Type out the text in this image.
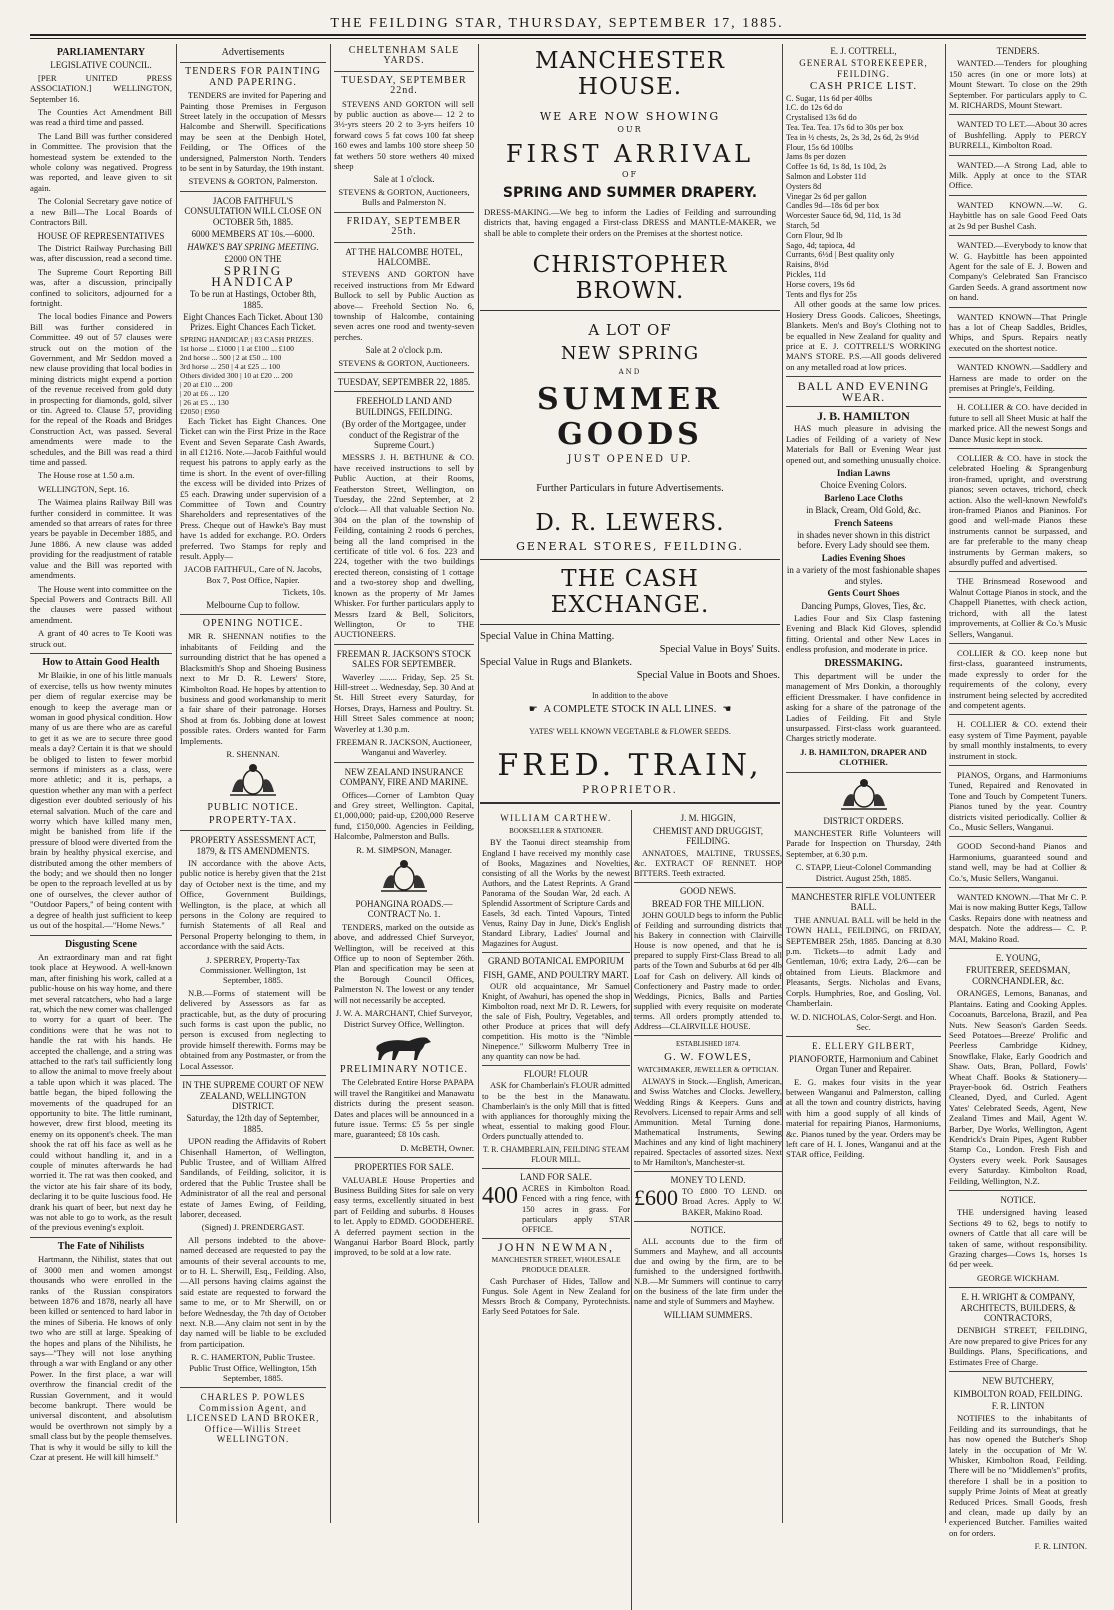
THE FEILDING STAR, THURSDAY, SEPTEMBER 17, 1885.
PARLIAMENTARY
LEGISLATIVE COUNCIL.

[PER UNITED PRESS ASSOCIATION.] WELLINGTON, September 16.

The Counties Act Amendment Bill was read a third time and passed.

The Land Bill was further considered in Committee. The provision that the homestead system be extended to the whole colony was negatived. Progress was reported, and leave given to sit again.

The Colonial Secretary gave notice of a new Bill—The Local Boards of Contractors Bill.

HOUSE OF REPRESENTATIVES

The District Railway Purchasing Bill was, after discussion, read a second time.

The Supreme Court Reporting Bill was, after a discussion, principally confined to solicitors, adjourned for a fortnight.

The local bodies Finance and Powers Bill was further considered in Committee. 49 out of 57 clauses were struck out on the motion of the Government, and Mr Seddon moved a new clause providing that local bodies in mining districts might expend a portion of the revenue received from gold duty in prospecting for diamonds, gold, silver or tin. Agreed to. Clause 57, providing for the repeal of the Roads and Bridges Construction Act, was passed. Several amendments were made to the schedules, and the Bill was read a third time and passed.

The House rose at 1.50 a.m.

WELLINGTON, Sept. 16.

The Waimea plains Railway Bill was further considerd in committee. It was amended so that arrears of rates for three years be payable in December 1885, and June 1886. A new clause was added providing for the readjustment of ratable value and the Bill was reported with amendments.

The House went into committee on the Special Powers and Contracts Bill. All the clauses were passed without amendment.

A grant of 40 acres to Te Kooti was struck out.

How to Attain Good Health

Mr Blaikie, in one of his little manuals of exercise, tells us how twenty minutes per diem of regular exercise may be enough to keep the average man or woman in good physical condition. How many of us are there who are as careful to get it as we are to secure three good meals a day? Certain it is that we should be obliged to listen to fewer morbid sermons if ministers as a class, were more athletic; and it is, perhaps, a question whether any man with a perfect digestion ever doubted seriously of his eternal salvation. Much of the care and worry which have killed many men, might be banished from life if the pressure of blood were diverted from the brain by healthy physical exercise, and distributed among the other members of the body; and we should then no longer be open to the reproach levelled at us by one of ourselves, the clever author of "Outdoor Papers," of being content with a degree of health just sufficient to keep us out of the hospital.—"Home News."

Disgusting Scene

An extraordinary man and rat fight took place at Heywood. A well-known man, after finishing his work, called at a public-house on his way home, and there met several ratcatchers, who had a large rat, which the new comer was challenged to worry for a quart of beer. The conditions were that he was not to handle the rat with his hands. He accepted the challenge, and a string was attached to the rat's tail sufficiently long to allow the animal to move freely about a table upon which it was placed. The battle began, the biped following the movements of the quadruped for an opportunity to bite. The little ruminant, however, drew first blood, meeting its enemy on its opponent's cheek. The man shook the rat off his face as well as he could without handling it, and in a couple of minutes afterwards he had worried it. The rat was then cooked, and the victor ate his fair share of its body, declaring it to be quite luscious food. He drank his quart of beer, but next day he was not able to go to work, as the result of the previous evening's exploit.

The Fate of Nihilists

Hartmann, the Nihilist, states that out of 3000 men and women amongst thousands who were enrolled in the ranks of the Russian conspirators between 1876 and 1878, nearly all have been killed or sentenced to hard labor in the mines of Siberia. He knows of only two who are still at large. Speaking of the hopes and plans of the Nihilists, he says—"They will not lose anything through a war with England or any other Power. In the first place, a war will overthrow the financial credit of the Russian Government, and it would become bankrupt. There would be universal discontent, and absolutism would be overthrown not simply by a small class but by the people themselves. That is why it would be silly to kill the Czar at present. He will kill himself."

Advertisements
TENDERS FOR PAINTING AND PAPERING.

TENDERS are invited for Papering and Painting those Premises in Ferguson Street lately in the occupation of Messrs Halcombe and Sherwill. Specifications may be seen at the Denbigh Hotel, Feilding, or The Offices of the undersigned, Palmerston North. Tenders to be sent in by Saturday, the 19th instant.

STEVENS & GORTON, Palmerston.
JACOB FAITHFUL'S CONSULTATION WILL CLOSE ON OCTOBER 5th, 1885.
6000 MEMBERS AT 10s.—6000.
HAWKE'S BAY SPRING MEETING.
£2000 ON THE
SPRING HANDICAP
To be run at Hastings, October 8th, 1885.
Eight Chances Each Ticket. About 130 Prizes. Eight Chances Each Ticket.
SPRING HANDICAP. | 83 CASH PRIZES.
1st horse ... £1000 | 1 at £100 ... £100
2nd horse ... 500 | 2 at £50 ... 100
3rd horse ... 250 | 4 at £25 ... 100
Others divided 300 | 10 at £20 ... 200
| 20 at £10 ... 200
| 20 at £6 ... 120
| 26 at £5 ... 130
£2050 | £950

Each Ticket has Eight Chances. One Ticket can win the First Prize in the Race Event and Seven Separate Cash Awards, in all £1216. Note.—Jacob Faithful would request his patrons to apply early as the time is short. In the event of over-filling the excess will be divided into Prizes of £5 each. Drawing under supervision of a Committee of Town and Country Shareholders and representatives of the Press. Cheque out of Hawke's Bay must have 1s added for exchange. P.O. Orders preferred. Two Stamps for reply and result. Apply—

JACOB FAITHFUL, Care of N. Jacobs, Box 7, Post Office, Napier.
Tickets, 10s.
Melbourne Cup to follow.
OPENING NOTICE.

MR R. SHENNAN notifies to the inhabitants of Feilding and the surrounding district that he has opened a Blacksmith's Shop and Shoeing Business next to Mr D. R. Lewers' Store, Kimbolton Road. He hopes by attention to business and good workmanship to merit a fair share of their patronage. Horses Shod at from 6s. Jobbing done at lowest possible rates. Orders wanted for Farm Implements.

R. SHENNAN.
PUBLIC NOTICE.
PROPERTY-TAX.
PROPERTY ASSESSMENT ACT, 1879, & ITS AMENDMENTS.

IN accordance with the above Acts, public notice is hereby given that the 21st day of October next is the time, and my Office, Government Buildings, Wellington, is the place, at which all persons in the Colony are required to furnish Statements of all Real and Personal Property belonging to them, in accordance with the said Acts.

J. SPERREY, Property-Tax Commissioner. Wellington, 1st September, 1885.

N.B.—Forms of statement will be delivered by Assessors as far as practicable, but, as the duty of procuring such forms is cast upon the public, no person is excused from neglecting to provide himself therewith. Forms may be obtained from any Postmaster, or from the Local Assessor.

IN THE SUPREME COURT OF NEW ZEALAND, WELLINGTON DISTRICT.
Saturday, the 12th day of September, 1885.

UPON reading the Affidavits of Robert Chisenhall Hamerton, of Wellington, Public Trustee, and of William Alfred Sandilands, of Feilding, solicitor, it is ordered that the Public Trustee shall be Administrator of all the real and personal estate of James Ewing, of Feilding, laborer, deceased.

(Signed) J. PRENDERGAST.

All persons indebted to the above-named deceased are requested to pay the amounts of their several accounts to me, or to H. L. Sherwill, Esq., Feilding. Also,—All persons having claims against the said estate are requested to forward the same to me, or to Mr Sherwill, on or before Wednesday, the 7th day of October next. N.B.—Any claim not sent in by the day named will be liable to be excluded from participation.

R. C. HAMERTON, Public Trustee. Public Trust Office, Wellington, 15th September, 1885.
CHARLES P. POWLES Commission Agent, and LICENSED LAND BROKER, Office—Willis Street WELLINGTON.
CHELTENHAM SALE YARDS.
TUESDAY, SEPTEMBER 22nd.

STEVENS AND GORTON will sell by public auction as above— 12 2 to 3½-yrs steers 20 2 to 3-yrs heifers 10 forward cows 5 fat cows 100 fat sheep 160 ewes and lambs 100 store sheep 50 fat wethers 50 store wethers 40 mixed sheep

Sale at 1 o'clock.
STEVENS & GORTON, Auctioneers, Bulls and Palmerston N.
FRIDAY, SEPTEMBER 25th.
AT THE HALCOMBE HOTEL, HALCOMBE.

STEVENS AND GORTON have received instructions from Mr Edward Bullock to sell by Public Auction as above— Freehold Section No. 6, township of Halcombe, containing seven acres one rood and twenty-seven perches.

Sale at 2 o'clock p.m.
STEVENS & GORTON, Auctioneers.
TUESDAY, SEPTEMBER 22, 1885.
FREEHOLD LAND AND BUILDINGS, FEILDING.
(By order of the Mortgagee, under conduct of the Registrar of the Supreme Court.)

MESSRS J. H. BETHUNE & CO. have received instructions to sell by Public Auction, at their Rooms, Featherston Street, Wellington, on Tuesday, the 22nd September, at 2 o'clock— All that valuable Section No. 304 on the plan of the township of Feilding, containing 2 roods 6 perches, being all the land comprised in the certificate of title vol. 6 fos. 223 and 224, together with the two buildings erected thereon, consisting of 1 cottage and a two-storey shop and dwelling, known as the property of Mr James Whisker. For further particulars apply to Messrs Izard & Bell, Solicitors, Wellington, Or to THE AUCTIONEERS.

FREEMAN R. JACKSON'S STOCK SALES FOR SEPTEMBER.

Waverley ........ Friday, Sep. 25 St. Hill-street ... Wednesday, Sep. 30 And at St. Hill Street every Saturday, for Horses, Drays, Harness and Poultry. St. Hill Street Sales commence at noon; Waverley at 1.30 p.m.

FREEMAN R. JACKSON, Auctioneer, Wanganui and Waverley.
NEW ZEALAND INSURANCE COMPANY, FIRE AND MARINE.

Offices—Corner of Lambton Quay and Grey street, Wellington. Capital, £1,000,000; paid-up, £200,000 Reserve fund, £150,000. Agencies in Feilding, Halcombe, Palmerston and Bulls.

R. M. SIMPSON, Manager.
POHANGINA ROADS.—CONTRACT No. 1.

TENDERS, marked on the outside as above, and addressed Chief Surveyor, Wellington, will be received at this Office up to noon of September 26th. Plan and specification may be seen at the Borough Council Offices, Palmerston N. The lowest or any tender will not necessarily be accepted.

J. W. A. MARCHANT, Chief Surveyor, District Survey Office, Wellington.
PRELIMINARY NOTICE.

The Celebrated Entire Horse PAPAPA will travel the Rangitikei and Manawatu districts during the present season. Dates and places will be announced in a future issue. Terms: £5 5s per single mare, guaranteed; £8 10s cash.

D. McBETH, Owner.
PROPERTIES FOR SALE.

VALUABLE House Properties and Business Building Sites for sale on very easy terms, excellently situated in best part of Feilding and suburbs. 8 Houses to let. Apply to EDMD. GOODEHERE. A deferred payment section in the Wanganui Harbor Board Block, partly improved, to be sold at a low rate.

MANCHESTER HOUSE.
WE ARE NOW SHOWING
OUR
FIRST ARRIVAL
OF
SPRING AND SUMMER DRAPERY.
DRESS-MAKING.—We beg to inform the Ladies of Feilding and surrounding districts that, having engaged a First-class DRESS and MANTLE-MAKER, we shall be able to complete their orders on the Premises at the shortest notice.
CHRISTOPHER BROWN.
A LOT OF
NEW SPRING
AND
SUMMER GOODS
JUST OPENED UP.
Further Particulars in future Advertisements.
D. R. LEWERS.
GENERAL STORES, FEILDING.
THE CASH EXCHANGE.
Special Value in China Matting.
Special Value in Boys' Suits.
Special Value in Rugs and Blankets.
Special Value in Boots and Shoes.
In addition to the above
☛ A COMPLETE STOCK IN ALL LINES. ☚
YATES' WELL KNOWN VEGETABLE & FLOWER SEEDS.
FRED. TRAIN,
PROPRIETOR.
WILLIAM CARTHEW.
BOOKSELLER & STATIONER.

BY the Taonui direct steamship from England I have received my monthly case of Books, Magazines and Novelties, consisting of all the Works by the newest Authors, and the Latest Reprints. A Grand Panorama of the Soudan War, 2d each. A Splendid Assortment of Scripture Cards and Easels, 3d each. Tinted Vapours, Tinted Venus, Rainy Day in June, Dick's English Standard Library, Ladies' Journal and Magazines for August.

GRAND BOTANICAL EMPORIUM
FISH, GAME, AND POULTRY MART.

OUR old acquaintance, Mr Samuel Knight, of Awahuri, has opened the shop in Kimbolton road, next Mr D. R. Lewers, for the sale of Fish, Poultry, Vegetables, and other Produce at prices that will defy competition. His motto is the "Nimble Ninepence." Silkworm Mulberry Tree in any quantity can now be had.

FLOUR! FLOUR

ASK for Chamberlain's FLOUR admitted to be the best in the Manawatu. Chamberlain's is the only Mill that is fitted with appliances for thoroughly mixing the wheat, essential to making good Flour. Orders punctually attended to.

T. R. CHAMBERLAIN, FEILDING STEAM FLOUR MILL.
LAND FOR SALE.
400 ACRES in Kimbolton Road. Fenced with a ring fence, with 150 acres in grass. For particulars apply STAR OFFICE.
JOHN NEWMAN,
MANCHESTER STREET, WHOLESALE PRODUCE DEALER.

Cash Purchaser of Hides, Tallow and Fungus. Sole Agent in New Zealand for Messrs Broch & Company, Pyrotechnists. Early Seed Potatoes for Sale.

J. M. HIGGIN,
CHEMIST AND DRUGGIST, FEILDING.

ANNATOES, MALTINE, TRUSSES, &c. EXTRACT OF RENNET. HOP BITTERS. Teeth extracted.

GOOD NEWS.
BREAD FOR THE MILLION.

JOHN GOULD begs to inform the Public of Feilding and surrounding districts that his Bakery in connection with Clairville House is now opened, and that he is prepared to supply First-Class Bread to all parts of the Town and Suburbs at 6d per 4lb Loaf for Cash on delivery. All kinds of Confectionery and Pastry made to order. Weddings, Picnics, Balls and Parties supplied with every requisite on moderate terms. All orders promptly attended to. Address—CLAIRVILLE HOUSE.

ESTABLISHED 1874.
G. W. FOWLES,
WATCHMAKER, JEWELLER & OPTICIAN.

ALWAYS in Stock.—English, American, and Swiss Watches and Clocks. Jewellery, Wedding Rings & Keepers. Guns and Revolvers. Licensed to repair Arms and sell Ammunition. Metal Turning done. Mathematical Instruments, Sewing Machines and any kind of light machinery repaired. Spectacles of assorted sizes. Next to Mr Hamilton's, Manchester-st.

MONEY TO LEND.
£600 TO £800 TO LEND. on Broad Acres. Apply to W. BAKER, Makino Road.
NOTICE.

ALL accounts due to the firm of Summers and Mayhew, and all accounts due and owing by the firm, are to be furnished to the undersigned forthwith. N.B.—Mr Summers will continue to carry on the business of the late firm under the name and style of Summers and Mayhew.

WILLIAM SUMMERS.
E. J. COTTRELL,
GENERAL STOREKEEPER, FEILDING.
CASH PRICE LIST.
C. Sugar, 11s 6d per 40lbs
I.C. do 12s 6d do
Crystalised 13s 6d do
Tea. Tea. Tea. 17s 6d to 30s per box
Tea in ½ chests, 2s, 2s 3d, 2s 6d, 2s 9½d
Flour, 15s 6d 100lbs
Jams 8s per dozen
Coffee 1s 6d, 1s 8d, 1s 10d, 2s
Salmon and Lobster 11d
Oysters 8d
Vinegar 2s 6d per gallon
Candles 9d—18s 6d per box
Worcester Sauce 6d, 9d, 11d, 1s 3d
Starch, 5d
Corn Flour, 9d lb
Sago, 4d; tapioca, 4d
Currants, 6½d | Best quality only
Raisins, 8½d
Pickles, 11d
Horse covers, 19s 6d
Tents and flys for 25s

All other goods at the same low prices. Hosiery Dress Goods. Calicoes, Sheetings, Blankets. Men's and Boy's Clothing not to be equalled in New Zealand for quality and price at E. J. COTTRELL'S WORKING MAN'S STORE. P.S.—All goods delivered on any metalled road at low prices.

BALL AND EVENING WEAR.
J. B. HAMILTON

HAS much pleasure in advising the Ladies of Feilding of a variety of New Materials for Ball or Evening Wear just opened out, and something unusually choice.

Indian Lawns
Choice Evening Colors.
Barleno Lace Cloths
in Black, Cream, Old Gold, &c.
French Sateens
in shades never shown in this district before. Every Lady should see them.
Ladies Evening Shoes
in a variety of the most fashionable shapes and styles.
Gents Court Shoes
Dancing Pumps, Gloves, Ties, &c.

Ladies Four and Six Clasp fastening Evening and Black Kid Gloves, splendid fitting. Oriental and other New Laces in endless profusion, and moderate in price.

DRESSMAKING.

This department will be under the management of Mrs Donkin, a thoroughly efficient Dressmaker. I have confidence in asking for a share of the patronage of the Ladies of Feilding. Fit and Style unsurpassed. First-class work guaranteed. Charges strictly moderate.

J. B. HAMILTON, DRAPER AND CLOTHIER.
DISTRICT ORDERS.

MANCHESTER Rifle Volunteers will Parade for Inspection on Thursday, 24th September, at 6.30 p.m.

C. STAPP, Lieut-Colonel Commanding District. August 25th, 1885.
MANCHESTER RIFLE VOLUNTEER BALL.

THE ANNUAL BALL will be held in the TOWN HALL, FEILDING, on FRIDAY, SEPTEMBER 25th, 1885. Dancing at 8.30 p.m. Tickets—to admit Lady and Gentleman, 10/6; extra Lady, 2/6—can be obtained from Lieuts. Blackmore and Pleasants, Sergts. Nicholas and Evans, Corpls. Humphries, Roe, and Gosling, Vol. Chamberlain.

W. D. NICHOLAS, Color-Sergt. and Hon. Sec.
E. ELLERY GILBERT,
PIANOFORTE, Harmonium and Cabinet Organ Tuner and Repairer.

E. G. makes four visits in the year between Wanganui and Palmerston, calling at all the town and country districts, having with him a good supply of all kinds of material for repairing Pianos, Harmoniums, &c. Pianos tuned by the year. Orders may be left care of H. I. Jones, Wanganui and at the STAR office, Feilding.

TENDERS.

WANTED.—Tenders for ploughing 150 acres (in one or more lots) at Mount Stewart. To close on the 29th September. For particulars apply to C. M. RICHARDS, Mount Stewart.

WANTED TO LET.—About 30 acres of Bushfelling. Apply to PERCY BURRELL, Kimbolton Road.

WANTED.—A Strong Lad, able to Milk. Apply at once to the STAR Office.

WANTED KNOWN.—W. G. Haybittle has on sale Good Feed Oats at 2s 9d per Bushel Cash.

WANTED.—Everybody to know that W. G. Haybittle has been appointed Agent for the sale of E. J. Bowen and Company's Celebrated San Francisco Garden Seeds. A grand assortment now on hand.

WANTED KNOWN—That Pringle has a lot of Cheap Saddles, Bridles, Whips, and Spurs. Repairs neatly executed on the shortest notice.

WANTED KNOWN.—Saddlery and Harness are made to order on the premises at Pringle's, Feilding.

H. COLLIER & CO. have decided in future to sell all Sheet Music at half the marked price. All the newest Songs and Dance Music kept in stock.

COLLIER & CO. have in stock the celebrated Hoeling & Sprangenburg iron-framed, upright, and overstrung pianos; seven octaves, trichord, check action. Also the well-known Newfold's iron-framed Pianos and Pianinos. For good and well-made Pianos these instruments cannot be surpassed, and are far preferable to the many cheap instruments by German makers, so absurdly puffed and advertised.

THE Brinsmead Rosewood and Walnut Cottage Pianos in stock, and the Chappell Pianettes, with check action, trichord, with all the latest improvements, at Collier & Co.'s Music Sellers, Wanganui.

COLLIER & CO. keep none but first-class, guaranteed instruments, made expressly to order for the requirements of the colony, every instrument being selected by accredited and competent agents.

H. COLLIER & CO. extend their easy system of Time Payment, payable by small monthly instalments, to every instrument in stock.

PIANOS, Organs, and Harmoniums Tuned, Repaired and Renovated in Tone and Touch by Competent Tuners. Pianos tuned by the year. Country districts visited periodically. Collier & Co., Music Sellers, Wanganui.

GOOD Second-hand Pianos and Harmoniums, guaranteed sound and stand well, may be had at Collier & Co.'s, Music Sellers, Wanganui.

WANTED KNOWN.—That Mr C. P. Mai is now making Butter Kegs, Tallow Casks. Repairs done with neatness and despatch. Note the address— C. P. MAI, Makino Road.

E. YOUNG,
FRUITERER, SEEDSMAN, CORNCHANDLER, &c.

ORANGES, Lemons, Bananas, and Plantains. Eating and Cooking Apples. Cocoanuts, Barcelona, Brazil, and Pea Nuts. New Season's Garden Seeds. Seed Potatoes—Breeze' Prolific and Peerless Cambridge Kidney, Snowflake, Flake, Early Goodrich and Shaw. Oats, Bran, Pollard, Fowls' Wheat Chaff. Books & Stationery—Prayer-book 6d. Ostrich Feathers Cleaned, Dyed, and Curled. Agent Yates' Celebrated Seeds, Agent, New Zealand Times and Mail, Agent W. Barber, Dye Works, Wellington, Agent Kendrick's Drain Pipes, Agent Rubber Stamp Co., London. Fresh Fish and Oysters every week. Pork Sausages every Saturday. Kimbolton Road, Feilding, Wellington, N.Z.

NOTICE.

THE undersigned having leased Sections 49 to 62, begs to notify to owners of Cattle that all care will be taken of same, without responsibility. Grazing charges—Cows 1s, horses 1s 6d per week.

GEORGE WICKHAM.
E. H. WRIGHT & COMPANY, ARCHITECTS, BUILDERS, & CONTRACTORS,

DENBIGH STREET, FEILDING, Are now prepared to give Prices for any Buildings. Plans, Specifications, and Estimates Free of Charge.

NEW BUTCHERY,
KIMBOLTON ROAD, FEILDING.
F. R. LINTON

NOTIFIES to the inhabitants of Feilding and its surroundings, that he has now opened the Butcher's Shop lately in the occupation of Mr W. Whisker, Kimbolton Road, Feilding. There will be no "Middlemen's" profits, therefore I shall be in a position to supply Prime Joints of Meat at greatly Reduced Prices. Small Goods, fresh and clean, made up daily by an experienced Butcher. Families waited on for orders.

F. R. LINTON.
